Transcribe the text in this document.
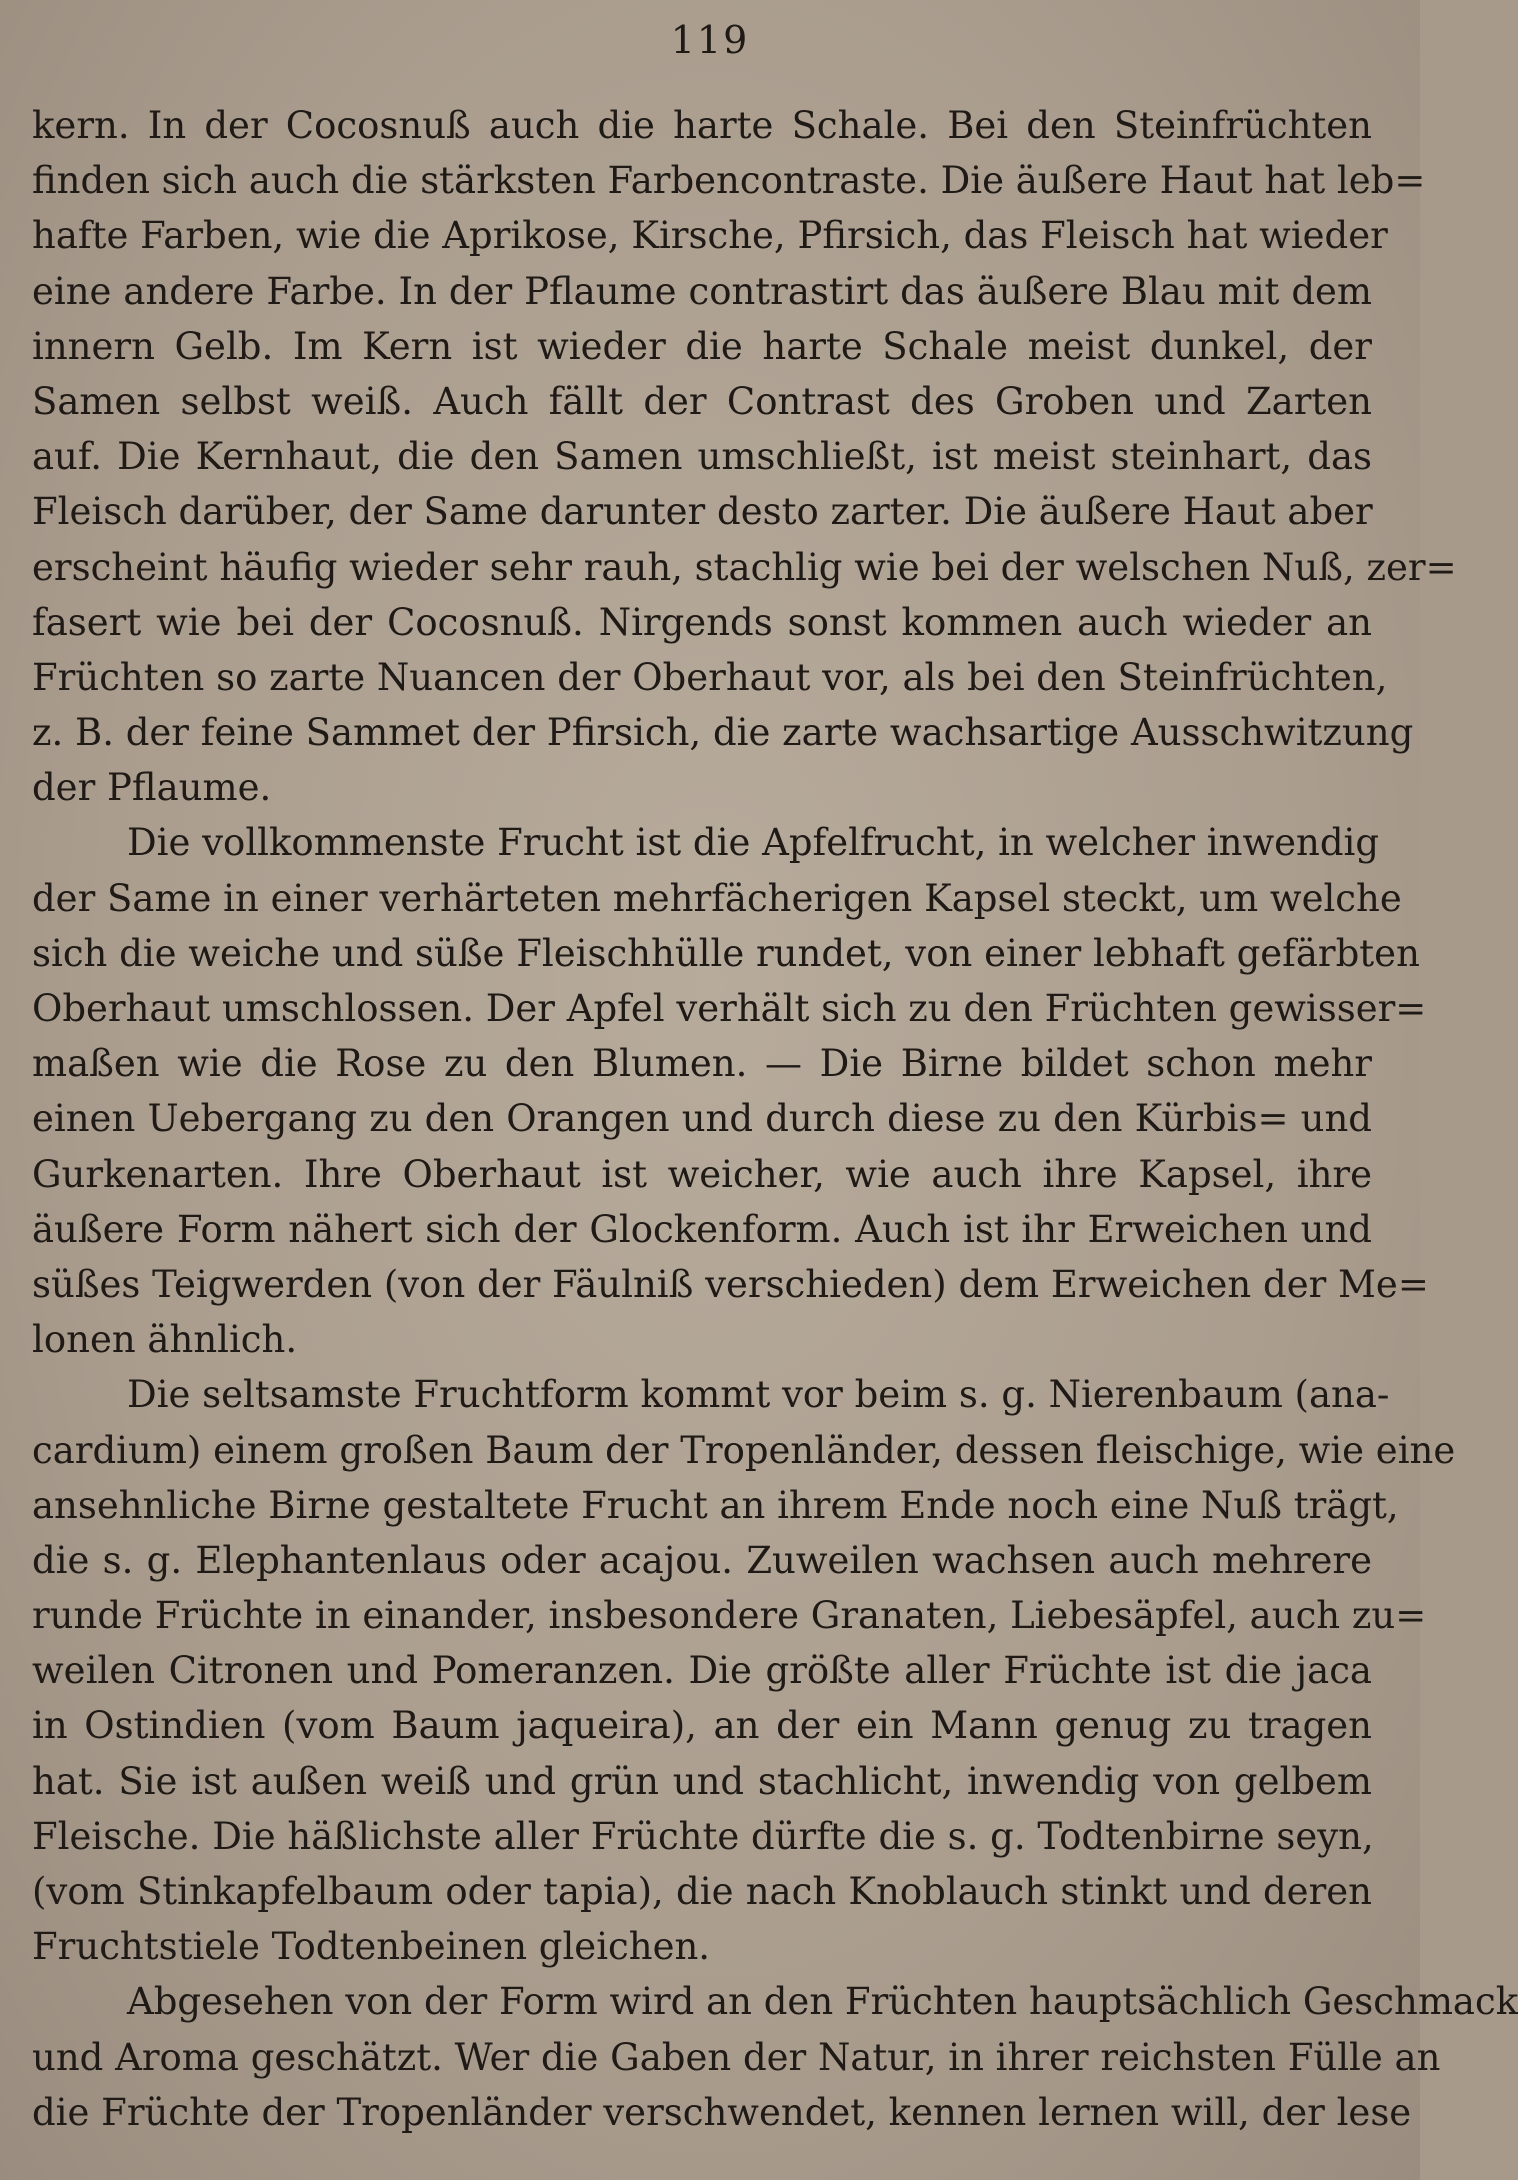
119
kern. In der Cocosnuß auch die harte Schale. Bei den Steinfrüchten
finden sich auch die stärksten Farbencontraste. Die äußere Haut hat leb=
hafte Farben, wie die Aprikose, Kirsche, Pfirsich, das Fleisch hat wieder
eine andere Farbe. In der Pflaume contrastirt das äußere Blau mit dem
innern Gelb. Im Kern ist wieder die harte Schale meist dunkel, der
Samen selbst weiß. Auch fällt der Contrast des Groben und Zarten
auf. Die Kernhaut, die den Samen umschließt, ist meist steinhart, das
Fleisch darüber, der Same darunter desto zarter. Die äußere Haut aber
erscheint häufig wieder sehr rauh, stachlig wie bei der welschen Nuß, zer=
fasert wie bei der Cocosnuß. Nirgends sonst kommen auch wieder an
Früchten so zarte Nuancen der Oberhaut vor, als bei den Steinfrüchten,
z. B. der feine Sammet der Pfirsich, die zarte wachsartige Ausschwitzung
der Pflaume.
Die vollkommenste Frucht ist die Apfelfrucht, in welcher inwendig
der Same in einer verhärteten mehrfächerigen Kapsel steckt, um welche
sich die weiche und süße Fleischhülle rundet, von einer lebhaft gefärbten
Oberhaut umschlossen. Der Apfel verhält sich zu den Früchten gewisser=
maßen wie die Rose zu den Blumen. — Die Birne bildet schon mehr
einen Uebergang zu den Orangen und durch diese zu den Kürbis= und
Gurkenarten. Ihre Oberhaut ist weicher, wie auch ihre Kapsel, ihre
äußere Form nähert sich der Glockenform. Auch ist ihr Erweichen und
süßes Teigwerden (von der Fäulniß verschieden) dem Erweichen der Me=
lonen ähnlich.
Die seltsamste Fruchtform kommt vor beim s. g. Nierenbaum (ana-
cardium) einem großen Baum der Tropenländer, dessen fleischige, wie eine
ansehnliche Birne gestaltete Frucht an ihrem Ende noch eine Nuß trägt,
die s. g. Elephantenlaus oder acajou. Zuweilen wachsen auch mehrere
runde Früchte in einander, insbesondere Granaten, Liebesäpfel, auch zu=
weilen Citronen und Pomeranzen. Die größte aller Früchte ist die jaca
in Ostindien (vom Baum jaqueira), an der ein Mann genug zu tragen
hat. Sie ist außen weiß und grün und stachlicht, inwendig von gelbem
Fleische. Die häßlichste aller Früchte dürfte die s. g. Todtenbirne seyn,
(vom Stinkapfelbaum oder tapia), die nach Knoblauch stinkt und deren
Fruchtstiele Todtenbeinen gleichen.
Abgesehen von der Form wird an den Früchten hauptsächlich Geschmack
und Aroma geschätzt. Wer die Gaben der Natur, in ihrer reichsten Fülle an
die Früchte der Tropenländer verschwendet, kennen lernen will, der lese
